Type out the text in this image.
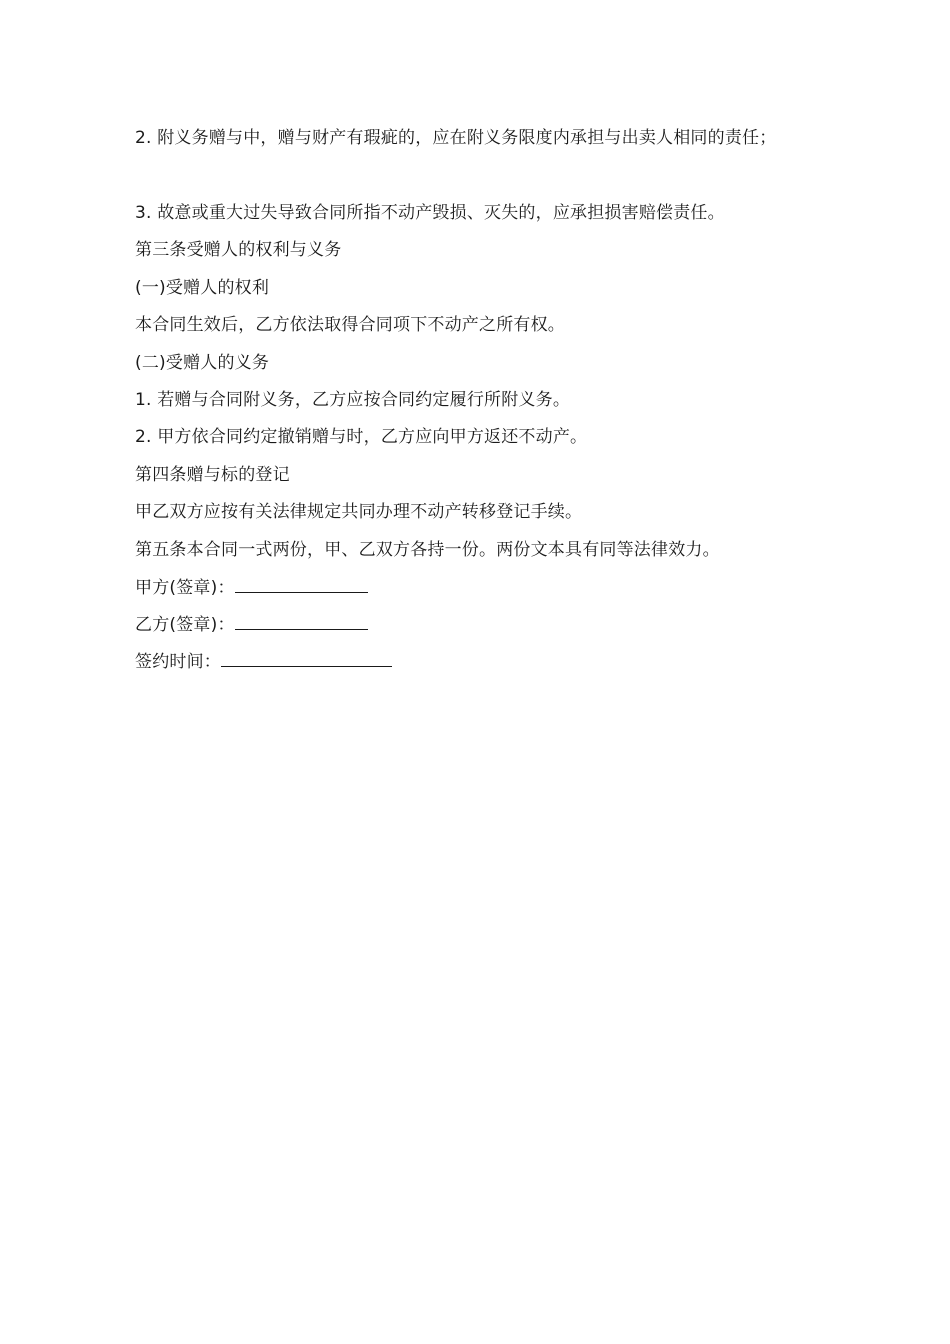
2. 附义务赠与中，赠与财产有瑕疵的，应在附义务限度内承担与出卖人相同的责任；
3. 故意或重大过失导致合同所指不动产毁损、灭失的，应承担损害赔偿责任。
第三条受赠人的权利与义务
(一)受赠人的权利
本合同生效后，乙方依法取得合同项下不动产之所有权。
(二)受赠人的义务
1. 若赠与合同附义务，乙方应按合同约定履行所附义务。
2. 甲方依合同约定撤销赠与时，乙方应向甲方返还不动产。
第四条赠与标的登记
甲乙双方应按有关法律规定共同办理不动产转移登记手续。
第五条本合同一式两份，甲、乙双方各持一份。两份文本具有同等法律效力。
甲方(签章)：
乙方(签章)：
签约时间：
